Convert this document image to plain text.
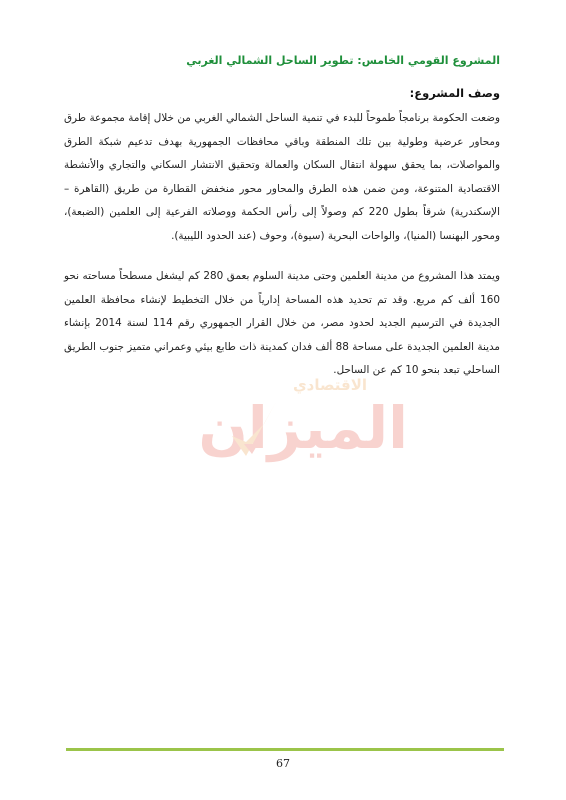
المشروع القومي الخامس: تطوير الساحل الشمالي الغربي
وصف المشروع:

وضعت الحكومة برنامجاً طموحاً للبدء في تنمية الساحل الشمالي الغربي من خلال إقامة مجموعة طرق ومحاور عرضية وطولية بين تلك المنطقة وباقي محافظات الجمهورية بهدف تدعيم شبكة الطرق والمواصلات، بما يحقق سهولة انتقال السكان والعمالة وتحقيق الانتشار السكاني والتجاري والأنشطة الاقتصادية المتنوعة، ومن ضمن هذه الطرق والمحاور محور منخفض القطارة من طريق (القاهرة – الإسكندرية) شرقاً بطول 220 كم وصولاً إلى رأس الحكمة ووصلاته الفرعية إلى العلمين (الضبعة)، ومحور البهنسا (المنيا)، والواحات البحرية (سيوة)، وحوف (عند الحدود الليبية).

ويمتد هذا المشروع من مدينة العلمين وحتى مدينة السلوم بعمق 280 كم ليشغل مسطحاً مساحته نحو 160 ألف كم مربع. وقد تم تحديد هذه المساحة إدارياً من خلال التخطيط لإنشاء محافظة العلمين الجديدة في الترسيم الجديد لحدود مصر، من خلال القرار الجمهوري رقم 114 لسنة 2014 بإنشاء مدينة العلمين الجديدة على مساحة 88 ألف فدان كمدينة ذات طابع بيئي وعمراني متميز جنوب الطريق الساحلي تبعد بنحو 10 كم عن الساحل.

الاقتصادي
الميزان
67
